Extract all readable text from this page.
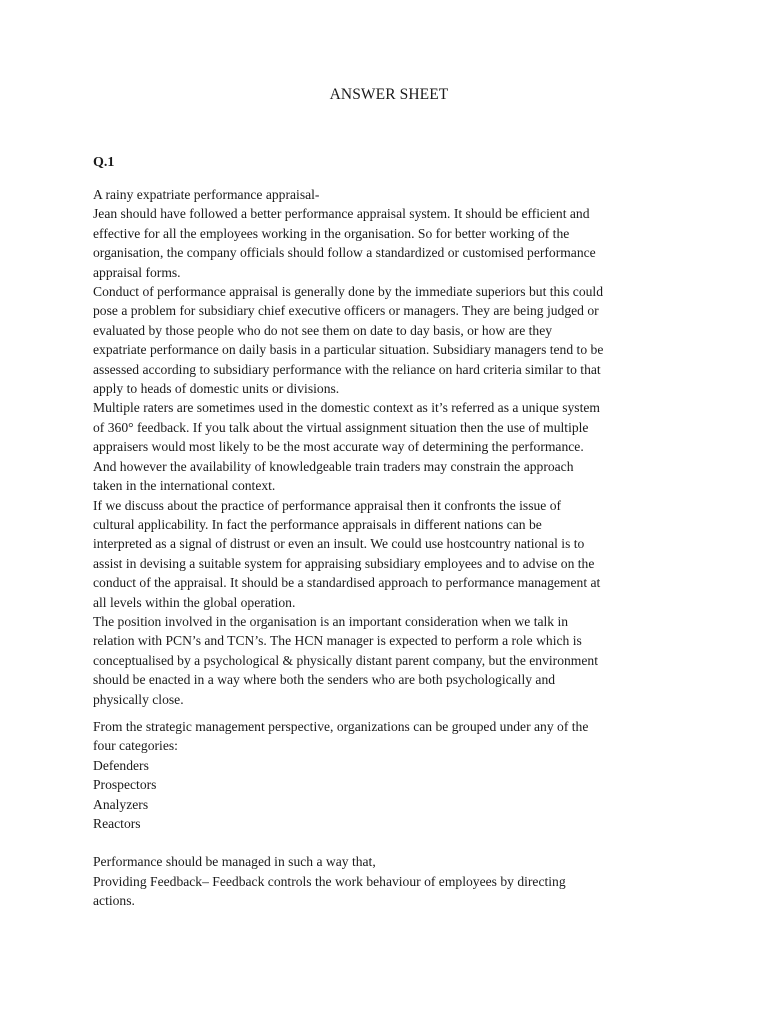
ANSWER SHEET
Q.1
A rainy expatriate performance appraisal-
Jean should have followed a better performance appraisal system. It should be efficient and
effective for all the employees working in the organisation. So for better working of the
organisation, the company officials should follow a standardized or customised performance
appraisal forms.
Conduct of performance appraisal is generally done by the immediate superiors but this could
pose a problem for subsidiary chief executive officers or managers. They are being judged or
evaluated by those people who do not see them on date to day basis, or how are they
expatriate performance on daily basis in a particular situation. Subsidiary managers tend to be
assessed according to subsidiary performance with the reliance on hard criteria similar to that
apply to heads of domestic units or divisions.
Multiple raters are sometimes used in the domestic context as it’s referred as a unique system
of 360° feedback. If you talk about the virtual assignment situation then the use of multiple
appraisers would most likely to be the most accurate way of determining the performance.
And however the availability of knowledgeable train traders may constrain the approach
taken in the international context.
If we discuss about the practice of performance appraisal then it confronts the issue of
cultural applicability. In fact the performance appraisals in different nations can be
interpreted as a signal of distrust or even an insult. We could use hostcountry national is to
assist in devising a suitable system for appraising subsidiary employees and to advise on the
conduct of the appraisal. It should be a standardised approach to performance management at
all levels within the global operation.
The position involved in the organisation is an important consideration when we talk in
relation with PCN’s and TCN’s. The HCN manager is expected to perform a role which is
conceptualised by a psychological & physically distant parent company, but the environment
should be enacted in a way where both the senders who are both psychologically and
physically close.
From the strategic management perspective, organizations can be grouped under any of the
four categories:
Defenders
Prospectors
Analyzers
Reactors
Performance should be managed in such a way that,
Providing Feedback– Feedback controls the work behaviour of employees by directing
actions.
